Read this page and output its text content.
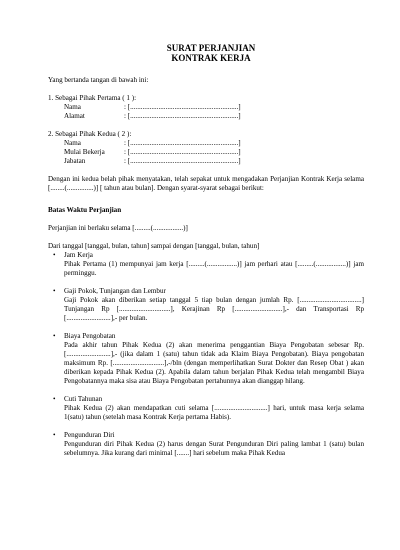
SURAT PERJANJIAN
KONTRAK KERJA

Yang bertanda tangan di bawah ini:

1. Sebagai Pihak Pertama ( 1 ):

Nama	: [.............................................................]
Alamat	: [.............................................................]

2. Sebagai Pihak Kedua ( 2 ):

Nama	: [.............................................................]
Mulai Bekerja	: [.............................................................]
Jabatan	: [.............................................................]

Dengan ini kedua belah pihak menyatakan, telah sepakat untuk mengadakan Perjanjian Kontrak Kerja selama [........(...............)] [ tahun atau bulan]. Dengan syarat-syarat sebagai berikut:

Batas Waktu Perjanjian

Perjanjian ini berlaku selama [.........(.................)]

Dari tanggal [tanggal, bulan, tahun] sampai dengan [tanggal, bulan, tahun]

• Jam Kerja

Pihak Pertama (1) mempunyai jam kerja [.........(.................)] jam perhari atau [.........(.................)] jam perminggu.

• Gaji Pokok, Tunjangan dan Lembur

Gaji Pokok akan diberikan setiap tanggal 5 tiap bulan dengan jumlah Rp. [...................................] Tunjangan Rp [.............................], Kerajinan Rp [...........................],- dan Transportasi Rp [.........................],- per bulan.

• Biaya Pengobatan

Pada akhir tahun Pihak Kedua (2) akan menerima penggantian Biaya Pengobatan sebesar Rp. [.........................],- (jika dalam 1 (satu) tahun tidak ada Klaim Biaya Pengobatan). Biaya pengobatan maksimum Rp. [.............................],-/bln (dengan memperlihatkan Surat Dokter dan Resep Obat ) akan diberikan kepada Pihak Kedua (2). Apabila dalam tahun berjalan Pihak Kedua telah mengambil Biaya Pengobatannya maka sisa atau Biaya Pengobatan pertahunnya akan dianggap hilang.

• Cuti Tahunan

Pihak Kedua (2) akan mendapatkan cuti selama [..............................] hari, untuk masa kerja selama 1(satu) tahun (setelah masa Kontrak Kerja pertama Habis).

• Pengunduran Diri

Pengunduran diri Pihak Kedua (2) harus dengan Surat Pengunduran Diri paling lambat 1 (satu) bulan sebelumnya. Jika kurang dari minimal [.......] hari sebelum maka Pihak Kedua
